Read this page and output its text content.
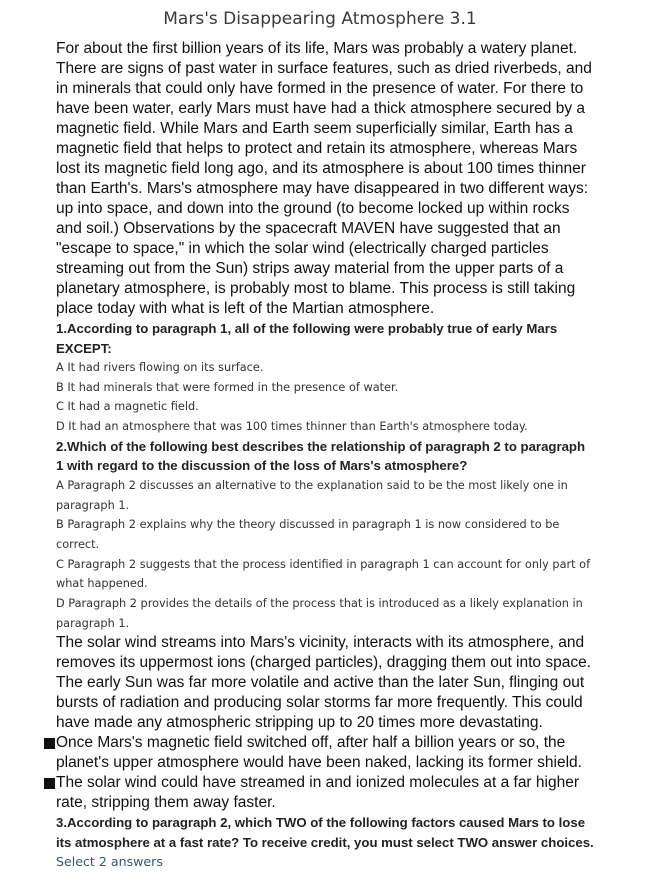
Mars's Disappearing Atmosphere 3.1

For about the first billion years of its life, Mars was probably a watery planet. There are signs of past water in surface features, such as dried riverbeds, and in minerals that could only have formed in the presence of water. For there to have been water, early Mars must have had a thick atmosphere secured by a magnetic field. While Mars and Earth seem superficially similar, Earth has a magnetic field that helps to protect and retain its atmosphere, whereas Mars lost its magnetic field long ago, and its atmosphere is about 100 times thinner than Earth's. Mars's atmosphere may have disappeared in two different ways: up into space, and down into the ground (to become locked up within rocks and soil.) Observations by the spacecraft MAVEN have suggested that an "escape to space," in which the solar wind (electrically charged particles streaming out from the Sun) strips away material from the upper parts of a planetary atmosphere, is probably most to blame. This process is still taking place today with what is left of the Martian atmosphere.

1.According to paragraph 1, all of the following were probably true of early Mars EXCEPT:

A It had rivers flowing on its surface.

B It had minerals that were formed in the presence of water.

C It had a magnetic field.

D It had an atmosphere that was 100 times thinner than Earth's atmosphere today.

2.Which of the following best describes the relationship of paragraph 2 to paragraph 1 with regard to the discussion of the loss of Mars's atmosphere?

A Paragraph 2 discusses an alternative to the explanation said to be the most likely one in paragraph 1.

B Paragraph 2 explains why the theory discussed in paragraph 1 is now considered to be correct.

C Paragraph 2 suggests that the process identified in paragraph 1 can account for only part of what happened.

D Paragraph 2 provides the details of the process that is introduced as a likely explanation in paragraph 1.

The solar wind streams into Mars's vicinity, interacts with its atmosphere, and removes its uppermost ions (charged particles), dragging them out into space. The early Sun was far more volatile and active than the later Sun, flinging out bursts of radiation and producing solar storms far more frequently. This could have made any atmospheric stripping up to 20 times more devastating.

Once Mars's magnetic field switched off, after half a billion years or so, the planet's upper atmosphere would have been naked, lacking its former shield.

The solar wind could have streamed in and ionized molecules at a far higher rate, stripping them away faster.

3.According to paragraph 2, which TWO of the following factors caused Mars to lose its atmosphere at a fast rate? To receive credit, you must select TWO answer choices. Select 2 answers
